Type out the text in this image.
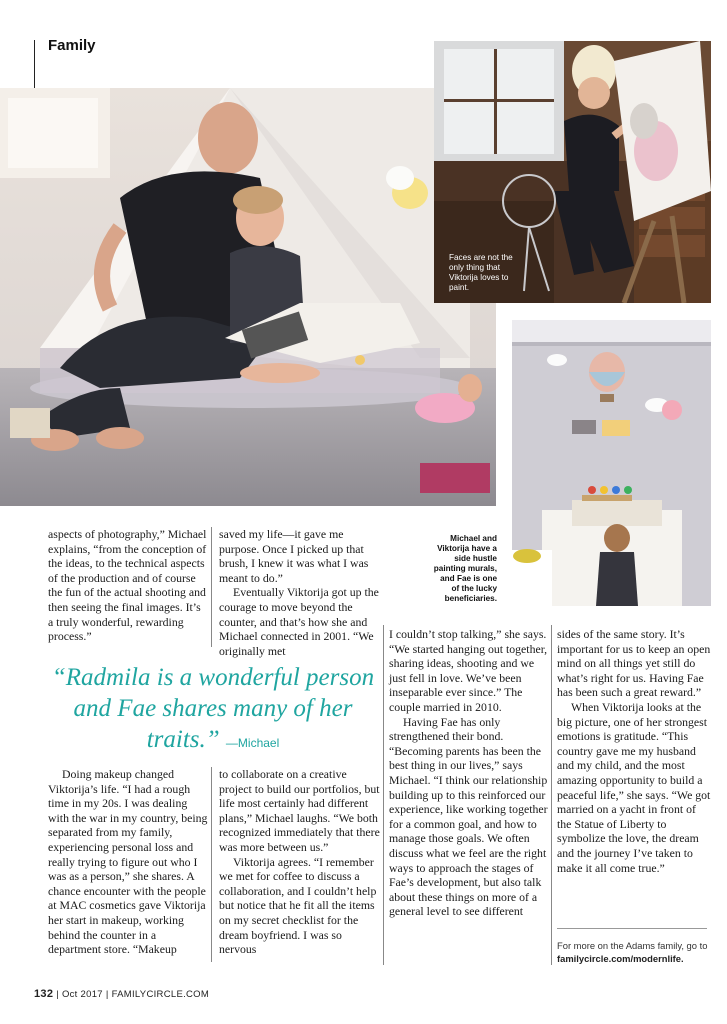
Family
Faces are not the only thing that Viktorija loves to paint.
Michael and Viktorija have a side hustle painting murals, and Fae is one of the lucky beneficiaries.

aspects of photography,” Michael explains, “from the conception of the ideas, to the technical aspects of the production and of course the fun of the actual shooting and then seeing the final images. It’s a truly wonderful, rewarding process.”

saved my life—it gave me purpose. Once I picked up that brush, I knew it was what I was meant to do.”

Eventually Viktorija got up the courage to move beyond the counter, and that’s how she and Michael connected in 2001. “We originally met

“Radmila is a wonderful person and Fae shares many of her traits.” —Michael

Doing makeup changed Viktorija’s life. “I had a rough time in my 20s. I was dealing with the war in my country, being separated from my family, experiencing personal loss and really trying to figure out who I was as a person,” she shares. A chance encounter with the people at MAC cosmetics gave Viktorija her start in makeup, working behind the counter in a department store. “Makeup

to collaborate on a creative project to build our portfolios, but life most certainly had different plans,” Michael laughs. “We both recognized immediately that there was more between us.”

Viktorija agrees. “I remember we met for coffee to discuss a collaboration, and I couldn’t help but notice that he fit all the items on my secret checklist for the dream boyfriend. I was so nervous

I couldn’t stop talking,” she says. “We started hanging out together, sharing ideas, shooting and we just fell in love. We’ve been inseparable ever since.” The couple married in 2010.

Having Fae has only strengthened their bond. “Becoming parents has been the best thing in our lives,” says Michael. “I think our relationship building up to this reinforced our experience, like working together for a common goal, and how to manage those goals. We often discuss what we feel are the right ways to approach the stages of Fae’s development, but also talk about these things on more of a general level to see different

sides of the same story. It’s important for us to keep an open mind on all things yet still do what’s right for us. Having Fae has been such a great reward.”

When Viktorija looks at the big picture, one of her strongest emotions is gratitude. “This country gave me my husband and my child, and the most amazing opportunity to build a peaceful life,” she says. “We got married on a yacht in front of the Statue of Liberty to symbolize the love, the dream and the journey I’ve taken to make it all come true.”

For more on the Adams family, go to familycircle.com/modernlife.
132 | Oct 2017 | FAMILYCIRCLE.COM
